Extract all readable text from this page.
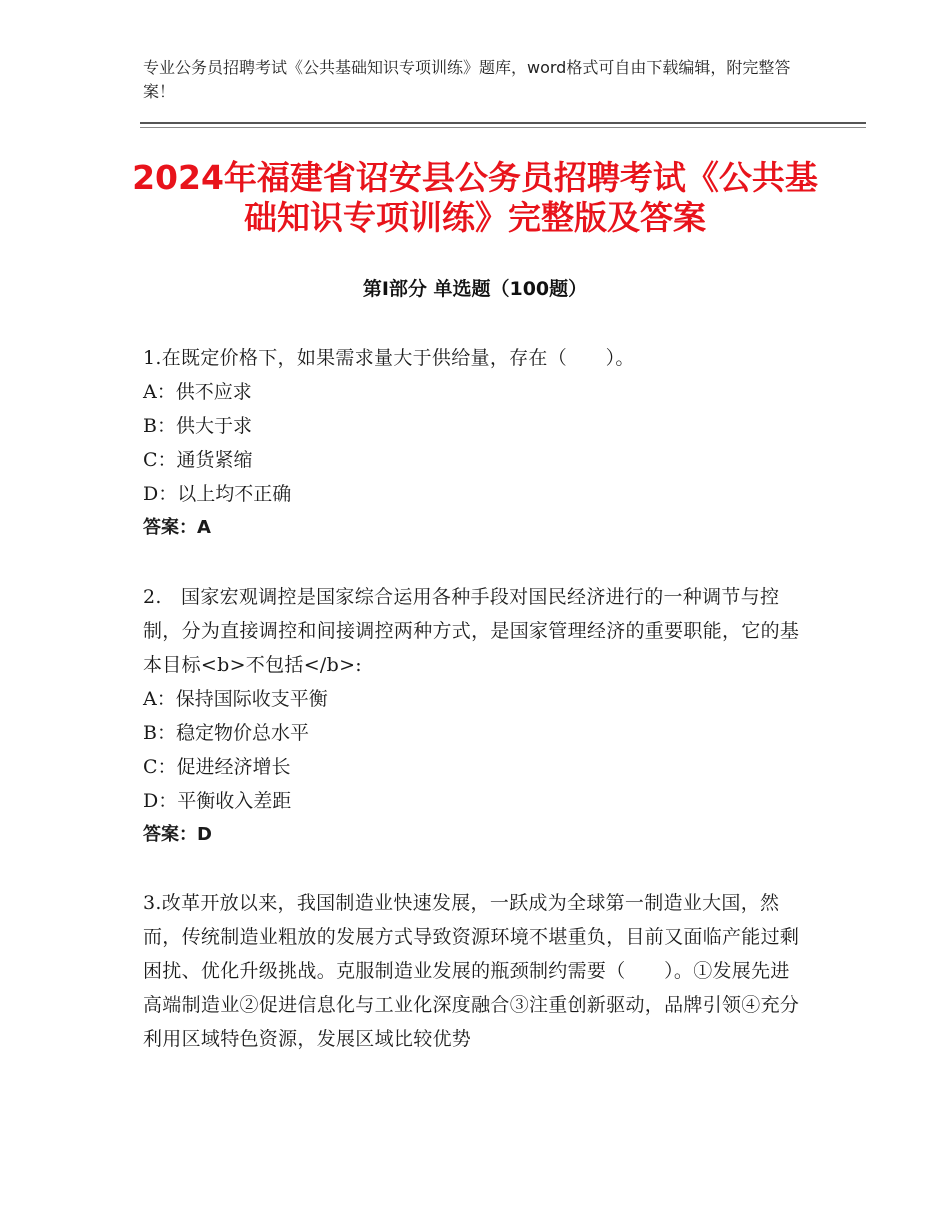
专业公务员招聘考试《公共基础知识专项训练》题库，word格式可自由下载编辑，附完整答案！
2024年福建省诏安县公务员招聘考试《公共基础知识专项训练》完整版及答案
第Ⅰ部分 单选题（100题）

1.在既定价格下，如果需求量大于供给量，存在（　　）。

A：供不应求

B：供大于求

C：通货紧缩

D：以上均不正确

答案：A

2.　国家宏观调控是国家综合运用各种手段对国民经济进行的一种调节与控制，分为直接调控和间接调控两种方式，是国家管理经济的重要职能，它的基本目标<b>不包括</b>:

A：保持国际收支平衡

B：稳定物价总水平

C：促进经济增长

D：平衡收入差距

答案：D

3.改革开放以来，我国制造业快速发展，一跃成为全球第一制造业大国，然而，传统制造业粗放的发展方式导致资源环境不堪重负，目前又面临产能过剩困扰、优化升级挑战。克服制造业发展的瓶颈制约需要（　　）。①发展先进高端制造业②促进信息化与工业化深度融合③注重创新驱动，品牌引领④充分利用区域特色资源，发展区域比较优势
